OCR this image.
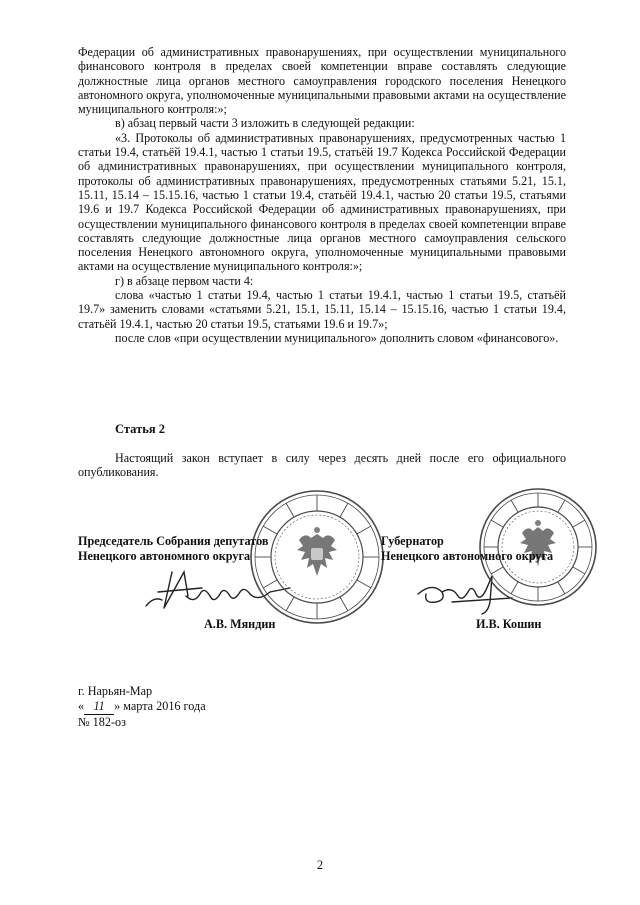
Федерации об административных правонарушениях, при осуществлении муниципального финансового контроля в пределах своей компетенции вправе составлять следующие должностные лица органов местного самоуправления городского поселения Ненецкого автономного округа, уполномоченные муниципальными правовыми актами на осуществление муниципального контроля:»;

в) абзац первый части 3 изложить в следующей редакции:

«3. Протоколы об административных правонарушениях, предусмотренных частью 1 статьи 19.4, статьёй 19.4.1, частью 1 статьи 19.5, статьёй 19.7 Кодекса Российской Федерации об административных правонарушениях, при осуществлении муниципального контроля, протоколы об административных правонарушениях, предусмотренных статьями 5.21, 15.1, 15.11, 15.14 – 15.15.16, частью 1 статьи 19.4, статьёй 19.4.1, частью 20 статьи 19.5, статьями 19.6 и 19.7 Кодекса Российской Федерации об административных правонарушениях, при осуществлении муниципального финансового контроля в пределах своей компетенции вправе составлять следующие должностные лица органов местного самоуправления сельского поселения Ненецкого автономного округа, уполномоченные муниципальными правовыми актами на осуществление муниципального контроля:»;

г) в абзаце первом части 4:

слова «частью 1 статьи 19.4, частью 1 статьи 19.4.1, частью 1 статьи 19.5, статьёй 19.7» заменить словами «статьями 5.21, 15.1, 15.11, 15.14 – 15.15.16, частью 1 статьи 19.4, статьёй 19.4.1, частью 20 статьи 19.5, статьями 19.6 и 19.7»;

после слов «при осуществлении муниципального» дополнить словом «финансового».

Статья 2

Настоящий закон вступает в силу через десять дней после его официального опубликования.

Председатель Собрания депутатов
Ненецкого автономного округа
Губернатор
Ненецкого автономного округа
А.В. Мяндин	И.В. Кошин
г. Нарьян-Мар
« 11 » марта 2016 года
№ 182-оз
2
